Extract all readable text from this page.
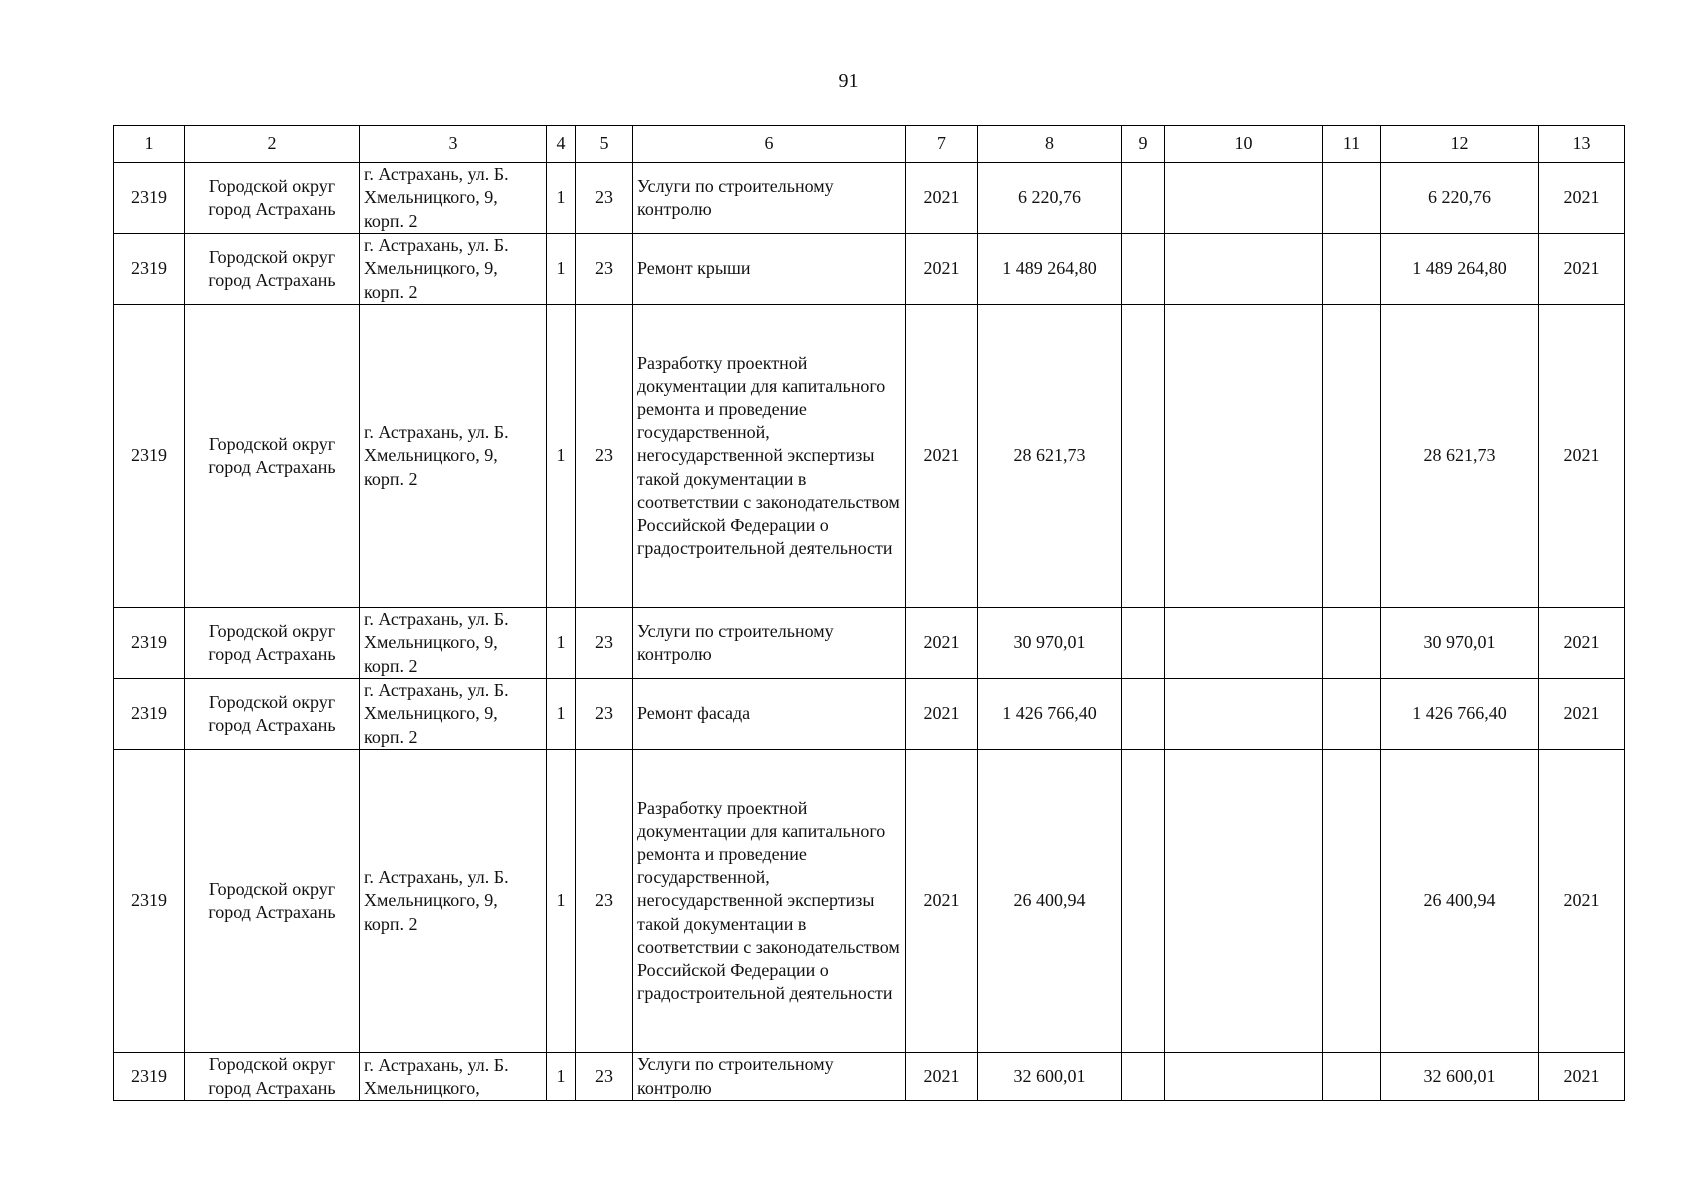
91
1	2	3	4	5	6	7	8	9	10	11	12	13
2319	Городской округ город Астрахань	г. Астрахань, ул. Б. Хмельницкого, 9, корп. 2	1	23	Услуги по строительному контролю	2021	6 220,76				6 220,76	2021
2319	Городской округ город Астрахань	г. Астрахань, ул. Б. Хмельницкого, 9, корп. 2	1	23	Ремонт крыши	2021	1 489 264,80				1 489 264,80	2021
2319	Городской округ город Астрахань	г. Астрахань, ул. Б. Хмельницкого, 9, корп. 2	1	23	Разработку проектной документации для капитального ремонта и проведение государственной, негосударственной экспертизы такой документации в соответствии с законодательством Российской Федерации о градостроительной деятельности	2021	28 621,73				28 621,73	2021
2319	Городской округ город Астрахань	г. Астрахань, ул. Б. Хмельницкого, 9, корп. 2	1	23	Услуги по строительному контролю	2021	30 970,01				30 970,01	2021
2319	Городской округ город Астрахань	г. Астрахань, ул. Б. Хмельницкого, 9, корп. 2	1	23	Ремонт фасада	2021	1 426 766,40				1 426 766,40	2021
2319	Городской округ город Астрахань	г. Астрахань, ул. Б. Хмельницкого, 9, корп. 2	1	23	Разработку проектной документации для капитального ремонта и проведение государственной, негосударственной экспертизы такой документации в соответствии с законодательством Российской Федерации о градостроительной деятельности	2021	26 400,94				26 400,94	2021
2319	Городской округ город Астрахань	г. Астрахань, ул. Б. Хмельницкого,	1	23	Услуги по строительному контролю	2021	32 600,01				32 600,01	2021
